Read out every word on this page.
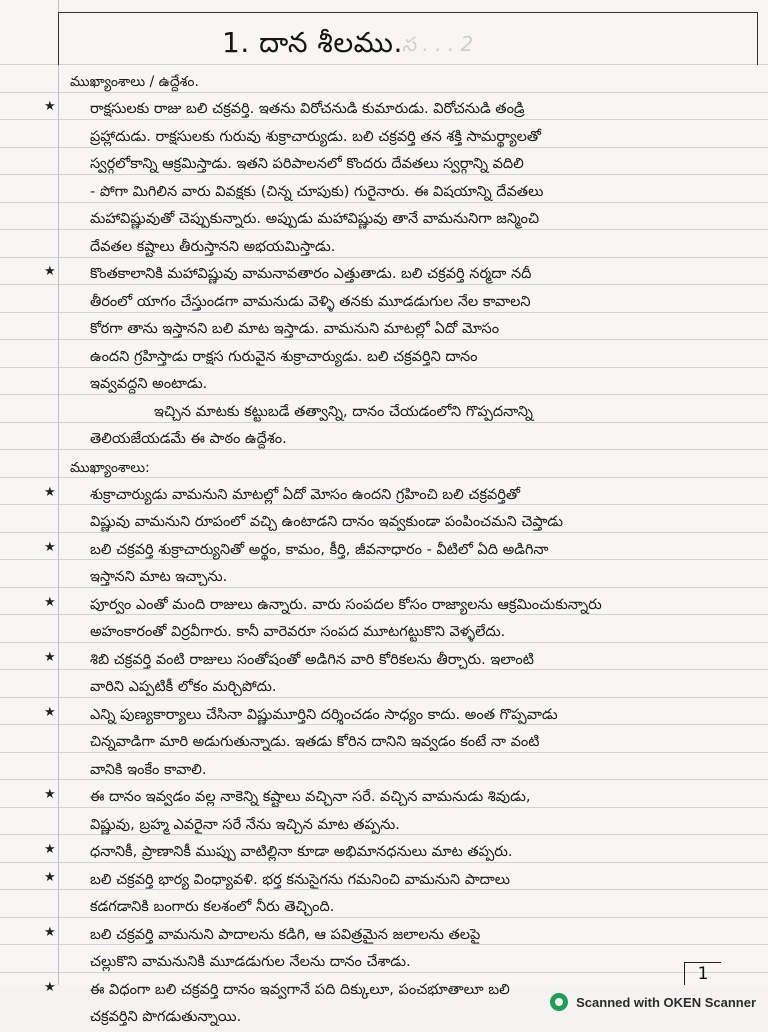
1. దాన శీలము. స . . . 2
ముఖ్యాంశాలు / ఉద్దేశం.
★ రాక్షసులకు రాజు బలి చక్రవర్తి. ఇతను విరోచనుడి కుమారుడు. విరోచనుడి తండ్రి
ప్రహ్లాదుడు. రాక్షసులకు గురువు శుక్రాచార్యుడు. బలి చక్రవర్తి తన శక్తి సామర్థ్యాలతో
స్వర్గలోకాన్ని ఆక్రమిస్తాడు. ఇతని పరిపాలనలో కొందరు దేవతలు స్వర్గాన్ని వదిలి
- పోగా మిగిలిన వారు వివక్షకు (చిన్న చూపుకు) గురైనారు. ఈ విషయాన్ని దేవతలు
మహావిష్ణువుతో చెప్పుకున్నారు. అప్పుడు మహావిష్ణువు తానే వామనునిగా జన్మించి
దేవతల కష్టాలు తీరుస్తానని అభయమిస్తాడు.
★ కొంతకాలానికి మహావిష్ణువు వామనావతారం ఎత్తుతాడు. బలి చక్రవర్తి నర్మదా నదీ
తీరంలో యాగం చేస్తుండగా వామనుడు వెళ్ళి తనకు మూడడుగుల నేల కావాలని
కోరగా తాను ఇస్తానని బలి మాట ఇస్తాడు. వామనుని మాటల్లో ఏదో మోసం
ఉందని గ్రహిస్తాడు రాక్షస గురువైన శుక్రాచార్యుడు. బలి చక్రవర్తిని దానం
ఇవ్వవద్దని అంటాడు.
ఇచ్చిన మాటకు కట్టుబడే తత్వాన్ని, దానం చేయడంలోని గొప్పదనాన్ని
తెలియజేయడమే ఈ పాఠం ఉద్దేశం.
ముఖ్యాంశాలు:
★ శుక్రాచార్యుడు వామనుని మాటల్లో ఏదో మోసం ఉందని గ్రహించి బలి చక్రవర్తితో
విష్ణువు వామనుని రూపంలో వచ్చి ఉంటాడని దానం ఇవ్వకుండా పంపించమని చెప్తాడు
★ బలి చక్రవర్తి శుక్రాచార్యునితో అర్థం, కామం, కీర్తి, జీవనాధారం - వీటిలో ఏది అడిగినా
ఇస్తానని మాట ఇచ్చాను.
★ పూర్వం ఎంతో మంది రాజులు ఉన్నారు. వారు సంపదల కోసం రాజ్యాలను ఆక్రమించుకున్నారు
అహంకారంతో విర్రవీగారు. కానీ వారెవరూ సంపద మూటగట్టుకొని వెళ్ళలేదు.
★ శిబి చక్రవర్తి వంటి రాజులు సంతోషంతో అడిగిన వారి కోరికలను తీర్చారు. ఇలాంటి
వారిని ఎప్పటికీ లోకం మర్చిపోదు.
★ ఎన్ని పుణ్యకార్యాలు చేసినా విష్ణుమూర్తిని దర్శించడం సాధ్యం కాదు. అంత గొప్పవాడు
చిన్నవాడిగా మారి అడుగుతున్నాడు. ఇతడు కోరిన దానిని ఇవ్వడం కంటే నా వంటి
వానికి ఇంకేం కావాలి.
★ ఈ దానం ఇవ్వడం వల్ల నాకెన్ని కష్టాలు వచ్చినా సరే. వచ్చిన వామనుడు శివుడు,
విష్ణువు, బ్రహ్మ ఎవరైనా సరే నేను ఇచ్చిన మాట తప్పను.
★ ధనానికీ, ప్రాణానికీ ముప్పు వాటిల్లినా కూడా అభిమానధనులు మాట తప్పరు.
★ బలి చక్రవర్తి భార్య వింధ్యావళి. భర్త కనుసైగను గమనించి వామనుని పాదాలు
కడగడానికి బంగారు కలశంలో నీరు తెచ్చింది.
★ బలి చక్రవర్తి వామనుని పాదాలను కడిగి, ఆ పవిత్రమైన జలాలను తలపై
చల్లుకొని వామనునికి మూడడుగుల నేలను దానం చేశాడు.
★ ఈ విధంగా బలి చక్రవర్తి దానం ఇవ్వగానే పది దిక్కులూ, పంచభూతాలూ బలి
చక్రవర్తిని పొగడుతున్నాయి.
1
Scanned with OKEN Scanner
